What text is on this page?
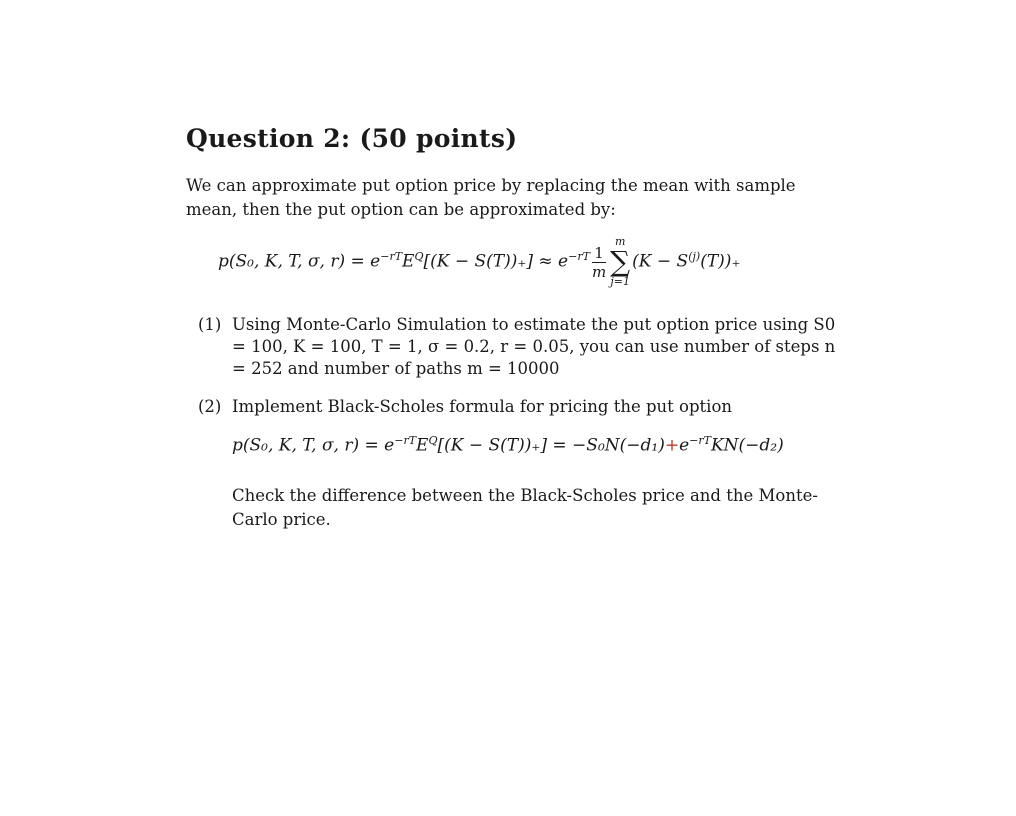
Question 2: (50 points)
We can approximate put option price by replacing the mean with sample mean, then the put option can be approximated by:
p(S₀, K, T, σ, $r) = e^{-rT}E^Q[(K - S(T))_+] \approx e^{-rT} \frac{1}{m}$
m
∑
j=1
$(K - S^{(j)}(T))_+$
(1) Using Monte-Carlo Simulation to estimate the put option price using S0 = 100, K = 100, T = 1, σ = 0.2, r = 0.05, you can use number of steps n = 252 and number of paths m = 10000
(2) Implement Black-Scholes formula for pricing the put option
p(S₀, K, T, σ, $r) = e^{-rT}E^Q[(K - S(T))_+] = -S_0N(-d_1)+e^{-rT}KN(-d_2)$
Check the difference between the Black-Scholes price and the Monte-Carlo price.
